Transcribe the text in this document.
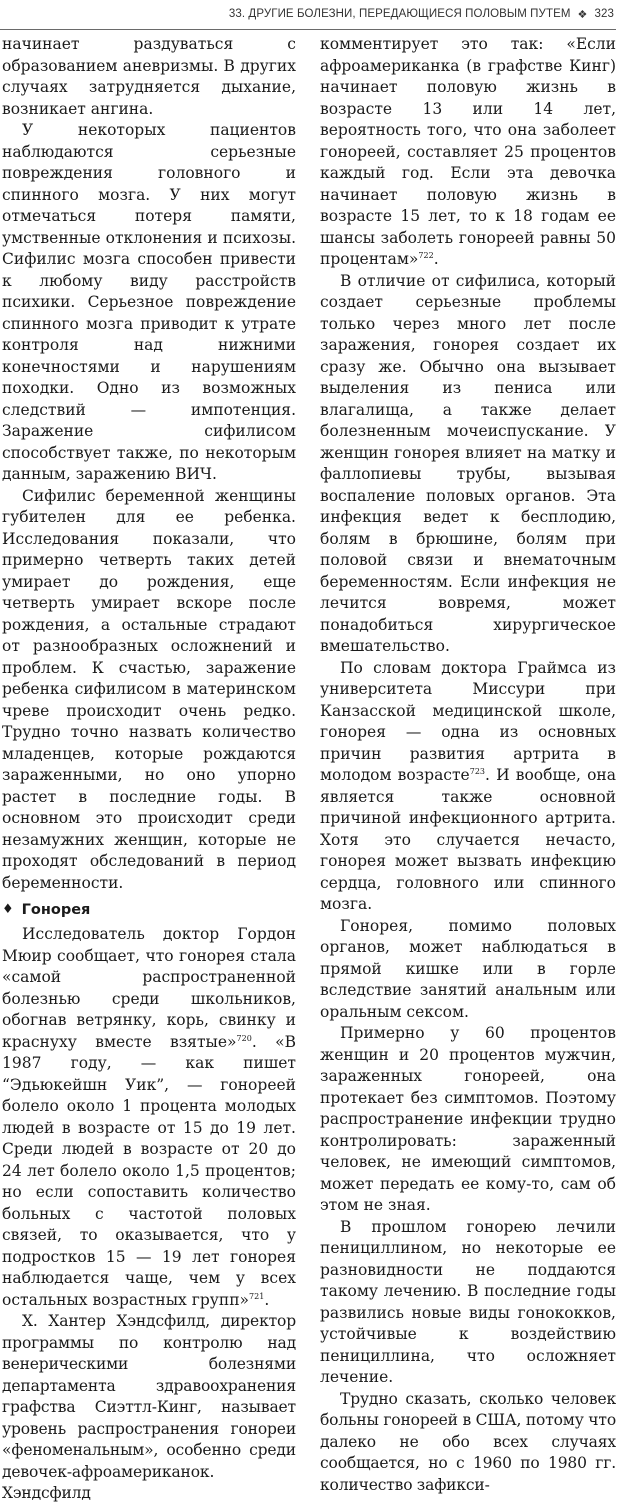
33. ДРУГИЕ БОЛЕЗНИ, ПЕРЕДАЮЩИЕСЯ ПОЛОВЫМ ПУТЕМ ❖ 323

начинает раздуваться с образованием аневризмы. В других случаях затрудняется дыхание, возникает ангина.

У некоторых пациентов наблюдаются серьезные повреждения головного и спинного мозга. У них могут отмечаться потеря памяти, умственные отклонения и психозы. Сифилис мозга способен привести к любому виду расстройств психики. Серьезное повреждение спинного мозга приводит к утрате контроля над нижними конечностями и нарушениям походки. Одно из возможных следствий — импотенция. Заражение сифилисом способствует также, по некоторым данным, заражению ВИЧ.

Сифилис беременной женщины губителен для ее ребенка. Исследования показали, что примерно четверть таких детей умирает до рождения, еще четверть умирает вскоре после рождения, а остальные страдают от разнообразных осложнений и проблем. К счастью, заражение ребенка сифилисом в материнском чреве происходит очень редко. Трудно точно назвать количество младенцев, которые рождаются зараженными, но оно упорно растет в последние годы. В основном это происходит среди незамужних женщин, которые не проходят обследований в период беременности.

♦ Гонорея

Исследователь доктор Гордон Мюир сообщает, что гонорея стала «самой распространенной болезнью среди школьников, обогнав ветрянку, корь, свинку и краснуху вместе взятые»$^{720}$. «В 1987 году, — как пишет “Эдьюкейшн Уик”, — гонореей болело около 1 процента молодых людей в возрасте от 15 до 19 лет. Среди людей в возрасте от 20 до 24 лет болело около 1,5 процентов; но если сопоставить количество больных с частотой половых связей, то оказывается, что у подростков 15 — 19 лет гонорея наблюдается чаще, чем у всех остальных возрастных групп»$^{721}$.

Х. Хантер Хэндсфилд, директор программы по контролю над венерическими болезнями департамента здравоохранения графства Сиэттл-Кинг, называет уровень распространения гонореи «феноменальным», особенно среди девочек-афроамериканок. Хэндсфилд

комментирует это так: «Если афроамериканка (в графстве Кинг) начинает половую жизнь в возрасте 13 или 14 лет, вероятность того, что она заболеет гонореей, составляет 25 процентов каждый год. Если эта девочка начинает половую жизнь в возрасте 15 лет, то к 18 годам ее шансы заболеть гонореей равны 50 процентам»$^{722}$.

В отличие от сифилиса, который создает серьезные проблемы только через много лет после заражения, гонорея создает их сразу же. Обычно она вызывает выделения из пениса или влагалища, а также делает болезненным мочеиспускание. У женщин гонорея влияет на матку и фаллопиевы трубы, вызывая воспаление половых органов. Эта инфекция ведет к бесплодию, болям в брюшине, болям при половой связи и внематочным беременностям. Если инфекция не лечится вовремя, может понадобиться хирургическое вмешательство.

По словам доктора Граймса из университета Миссури при Канзасской медицинской школе, гонорея — одна из основных причин развития артрита в молодом возрасте$^{723}$. И вообще, она является также основной причиной инфекционного артрита. Хотя это случается нечасто, гонорея может вызвать инфекцию сердца, головного или спинного мозга.

Гонорея, помимо половых органов, может наблюдаться в прямой кишке или в горле вследствие занятий анальным или оральным сексом.

Примерно у 60 процентов женщин и 20 процентов мужчин, зараженных гонореей, она протекает без симптомов. Поэтому распространение инфекции трудно контролировать: зараженный человек, не имеющий симптомов, может передать ее кому-то, сам об этом не зная.

В прошлом гонорею лечили пенициллином, но некоторые ее разновидности не поддаются такому лечению. В последние годы развились новые виды гонококков, устойчивые к воздействию пенициллина, что осложняет лечение.

Трудно сказать, сколько человек больны гонореей в США, потому что далеко не обо всех случаях сообщается, но с 1960 по 1980 гг. количество зафикси-
